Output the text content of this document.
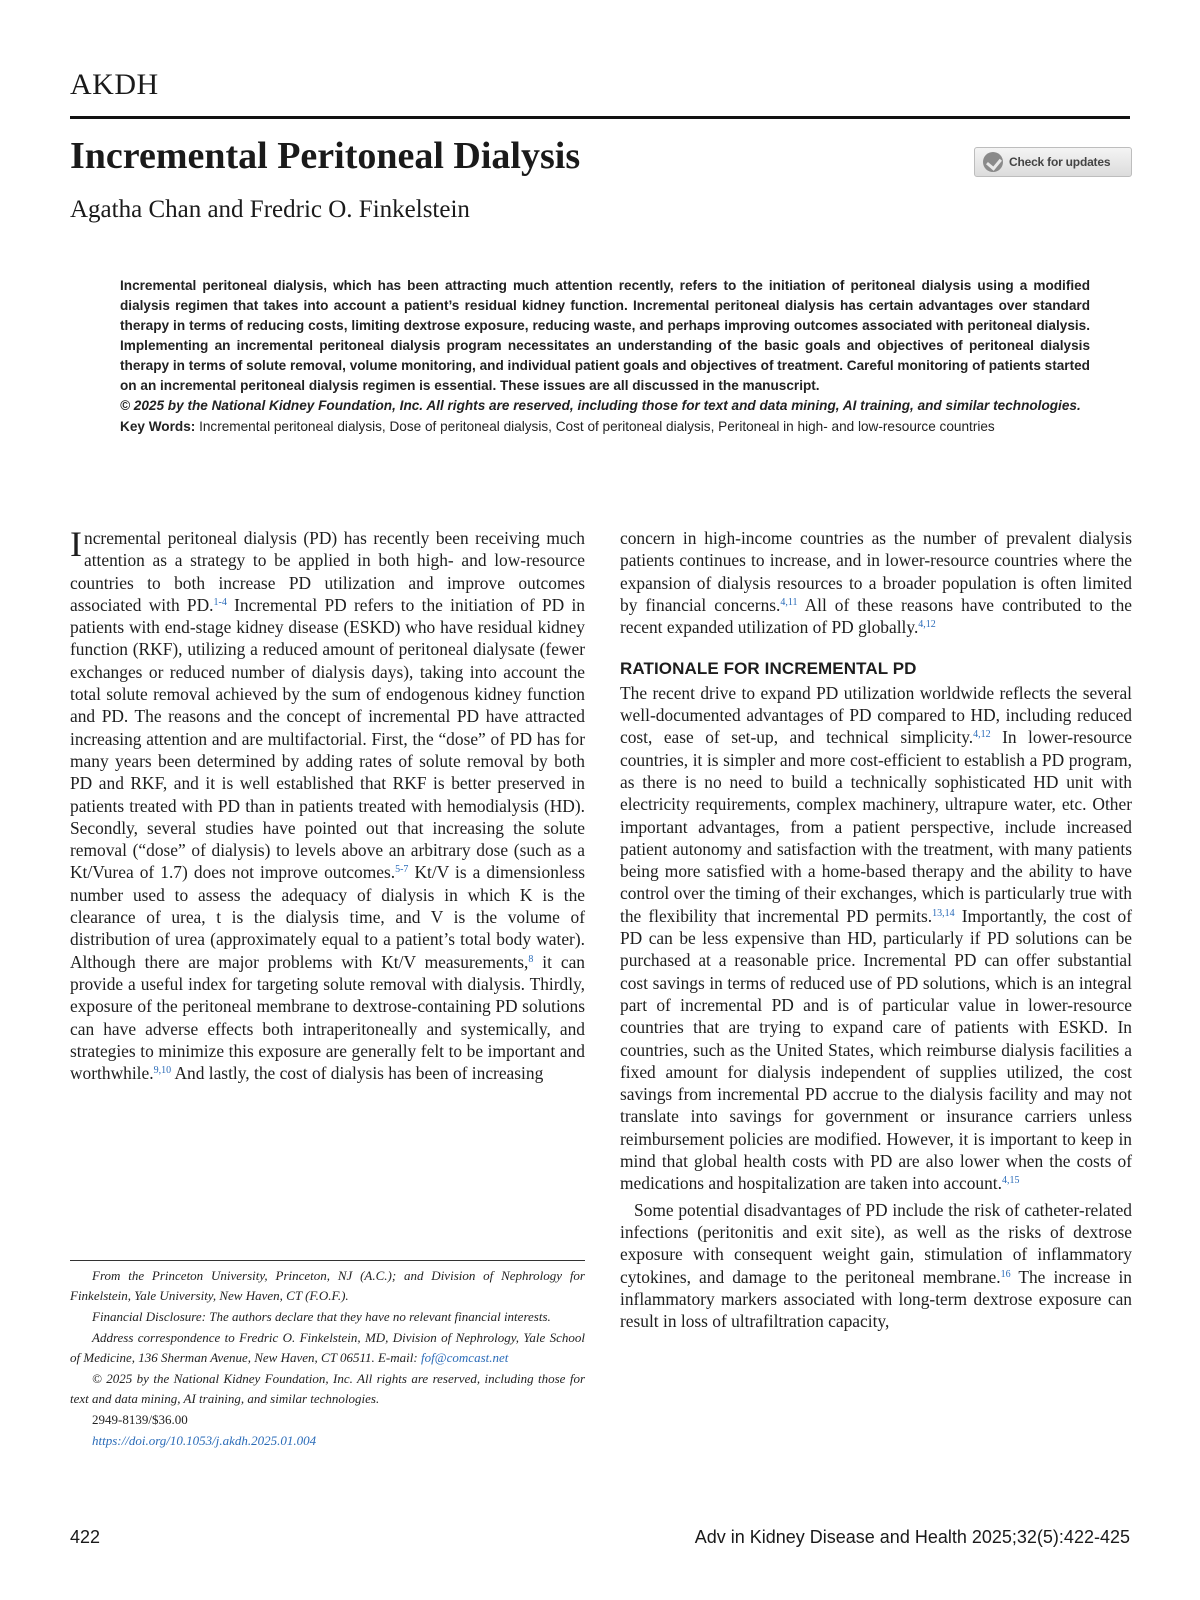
AKDH
Incremental Peritoneal Dialysis
Agatha Chan and Fredric O. Finkelstein
Check for updates

Incremental peritoneal dialysis, which has been attracting much attention recently, refers to the initiation of peritoneal dialysis using a modified dialysis regimen that takes into account a patient’s residual kidney function. Incremental peritoneal dialysis has certain advantages over standard therapy in terms of reducing costs, limiting dextrose exposure, reducing waste, and perhaps improving outcomes associated with peritoneal dialysis. Implementing an incremental peritoneal dialysis program necessitates an understanding of the basic goals and objectives of peritoneal dialysis therapy in terms of solute removal, volume monitoring, and individual patient goals and objectives of treatment. Careful monitoring of patients started on an incremental peritoneal dialysis regimen is essential. These issues are all discussed in the manuscript.

© 2025 by the National Kidney Foundation, Inc. All rights are reserved, including those for text and data mining, AI training, and similar technologies.

Key Words: Incremental peritoneal dialysis, Dose of peritoneal dialysis, Cost of peritoneal dialysis, Peritoneal in high- and low-resource countries

Incremental peritoneal dialysis (PD) has recently been receiving much attention as a strategy to be applied in both high- and low-resource countries to both increase PD utilization and improve outcomes associated with PD.$^{1-4}$ Incremental PD refers to the initiation of PD in patients with end-stage kidney disease (ESKD) who have residual kidney function (RKF), utilizing a reduced amount of peritoneal dialysate (fewer exchanges or reduced number of dialysis days), taking into account the total solute removal achieved by the sum of endogenous kidney function and PD. The reasons and the concept of incremental PD have attracted increasing attention and are multifactorial. First, the “dose” of PD has for many years been determined by adding rates of solute removal by both PD and RKF, and it is well established that RKF is better preserved in patients treated with PD than in patients treated with hemodialysis (HD). Secondly, several studies have pointed out that increasing the solute removal (“dose” of dialysis) to levels above an arbitrary dose (such as a Kt/Vurea of 1.7) does not improve outcomes.$^{5-7}$ Kt/V is a dimensionless number used to assess the adequacy of dialysis in which K is the clearance of urea, t is the dialysis time, and V is the volume of distribution of urea (approximately equal to a patient’s total body water). Although there are major problems with Kt/V measurements,$^8$ it can provide a useful index for targeting solute removal with dialysis. Thirdly, exposure of the peritoneal membrane to dextrose-containing PD solutions can have adverse effects both intraperitoneally and systemically, and strategies to minimize this exposure are generally felt to be important and worthwhile.$^{9,10}$ And lastly, the cost of dialysis has been of increasing

From the Princeton University, Princeton, NJ (A.C.); and Division of Nephrology for Finkelstein, Yale University, New Haven, CT (F.O.F.).

Financial Disclosure: The authors declare that they have no relevant financial interests.

Address correspondence to Fredric O. Finkelstein, MD, Division of Nephrology, Yale School of Medicine, 136 Sherman Avenue, New Haven, CT 06511. E-mail: fof@comcast.net

© 2025 by the National Kidney Foundation, Inc. All rights are reserved, including those for text and data mining, AI training, and similar technologies.

2949-8139/$36.00

https://doi.org/10.1053/j.akdh.2025.01.004

concern in high-income countries as the number of prevalent dialysis patients continues to increase, and in lower-resource countries where the expansion of dialysis resources to a broader population is often limited by financial concerns.$^{4,11}$ All of these reasons have contributed to the recent expanded utilization of PD globally.$^{4,12}$

RATIONALE FOR INCREMENTAL PD

The recent drive to expand PD utilization worldwide reflects the several well-documented advantages of PD compared to HD, including reduced cost, ease of set-up, and technical simplicity.$^{4,12}$ In lower-resource countries, it is simpler and more cost-efficient to establish a PD program, as there is no need to build a technically sophisticated HD unit with electricity requirements, complex machinery, ultrapure water, etc. Other important advantages, from a patient perspective, include increased patient autonomy and satisfaction with the treatment, with many patients being more satisfied with a home-based therapy and the ability to have control over the timing of their exchanges, which is particularly true with the flexibility that incremental PD permits.$^{13,14}$ Importantly, the cost of PD can be less expensive than HD, particularly if PD solutions can be purchased at a reasonable price. Incremental PD can offer substantial cost savings in terms of reduced use of PD solutions, which is an integral part of incremental PD and is of particular value in lower-resource countries that are trying to expand care of patients with ESKD. In countries, such as the United States, which reimburse dialysis facilities a fixed amount for dialysis independent of supplies utilized, the cost savings from incremental PD accrue to the dialysis facility and may not translate into savings for government or insurance carriers unless reimbursement policies are modified. However, it is important to keep in mind that global health costs with PD are also lower when the costs of medications and hospitalization are taken into account.$^{4,15}$

Some potential disadvantages of PD include the risk of catheter-related infections (peritonitis and exit site), as well as the risks of dextrose exposure with consequent weight gain, stimulation of inflammatory cytokines, and damage to the peritoneal membrane.$^{16}$ The increase in inflammatory markers associated with long-term dextrose exposure can result in loss of ultrafiltration capacity,

422	Adv in Kidney Disease and Health 2025;32(5):422-425
